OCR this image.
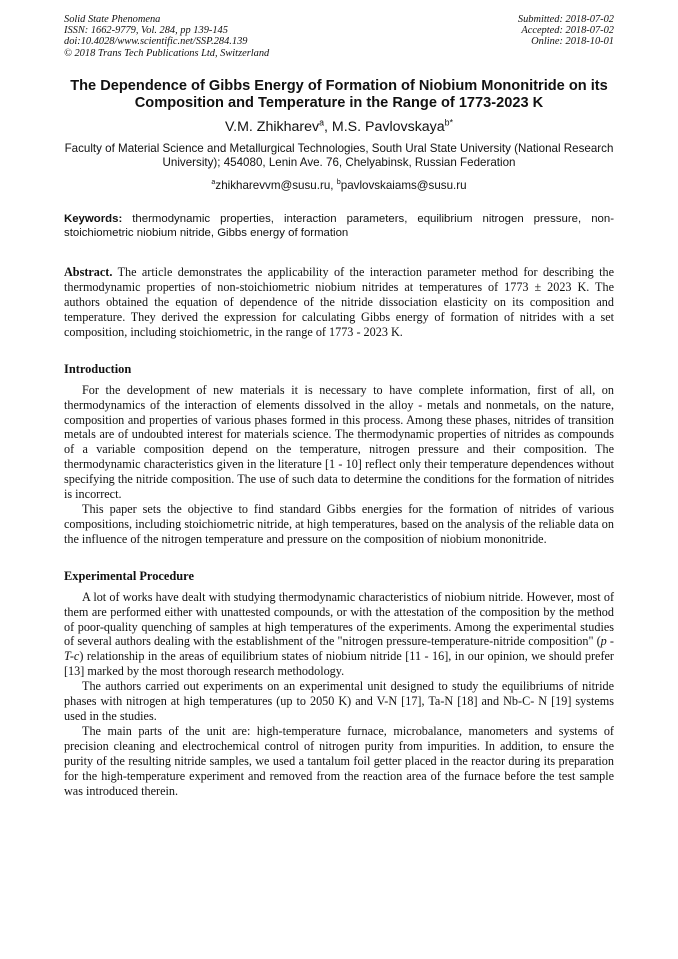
Solid State Phenomena
ISSN: 1662-9779, Vol. 284, pp 139-145
doi:10.4028/www.scientific.net/SSP.284.139
© 2018 Trans Tech Publications Ltd, Switzerland
Submitted: 2018-07-02
Accepted: 2018-07-02
Online: 2018-10-01
The Dependence of Gibbs Energy of Formation of Niobium Mononitride on its Composition and Temperature in the Range of 1773-2023 K
V.M. Zhikharev$^a$, M.S. Pavlovskaya$^{b*}$
Faculty of Material Science and Metallurgical Technologies, South Ural State University (National Research University); 454080, Lenin Ave. 76, Chelyabinsk, Russian Federation
$^a$zhikharevvm@susu.ru, $^b$pavlovskaiams@susu.ru
Keywords: thermodynamic properties, interaction parameters, equilibrium nitrogen pressure, non-stoichiometric niobium nitride, Gibbs energy of formation
Abstract. The article demonstrates the applicability of the interaction parameter method for describing the thermodynamic properties of non-stoichiometric niobium nitrides at temperatures of 1773 ± 2023 K. The authors obtained the equation of dependence of the nitride dissociation elasticity on its composition and temperature. They derived the expression for calculating Gibbs energy of formation of nitrides with a set composition, including stoichiometric, in the range of 1773 - 2023 K.
Introduction

For the development of new materials it is necessary to have complete information, first of all, on thermodynamics of the interaction of elements dissolved in the alloy - metals and nonmetals, on the nature, composition and properties of various phases formed in this process. Among these phases, nitrides of transition metals are of undoubted interest for materials science. The thermodynamic properties of nitrides as compounds of a variable composition depend on the temperature, nitrogen pressure and their composition. The thermodynamic characteristics given in the literature [1 - 10] reflect only their temperature dependences without specifying the nitride composition. The use of such data to determine the conditions for the formation of nitrides is incorrect.

This paper sets the objective to find standard Gibbs energies for the formation of nitrides of various compositions, including stoichiometric nitride, at high temperatures, based on the analysis of the reliable data on the influence of the nitrogen temperature and pressure on the composition of niobium mononitride.

Experimental Procedure

A lot of works have dealt with studying thermodynamic characteristics of niobium nitride. However, most of them are performed either with unattested compounds, or with the attestation of the composition by the method of poor-quality quenching of samples at high temperatures of the experiments. Among the experimental studies of several authors dealing with the establishment of the "nitrogen pressure-temperature-nitride composition" (p -T-c) relationship in the areas of equilibrium states of niobium nitride [11 - 16], in our opinion, we should prefer [13] marked by the most thorough research methodology.

The authors carried out experiments on an experimental unit designed to study the equilibriums of nitride phases with nitrogen at high temperatures (up to 2050 K) and V-N [17], Ta-N [18] and Nb-C- N [19] systems used in the studies.

The main parts of the unit are: high-temperature furnace, microbalance, manometers and systems of precision cleaning and electrochemical control of nitrogen purity from impurities. In addition, to ensure the purity of the resulting nitride samples, we used a tantalum foil getter placed in the reactor during its preparation for the high-temperature experiment and removed from the reaction area of the furnace before the test sample was introduced therein.
